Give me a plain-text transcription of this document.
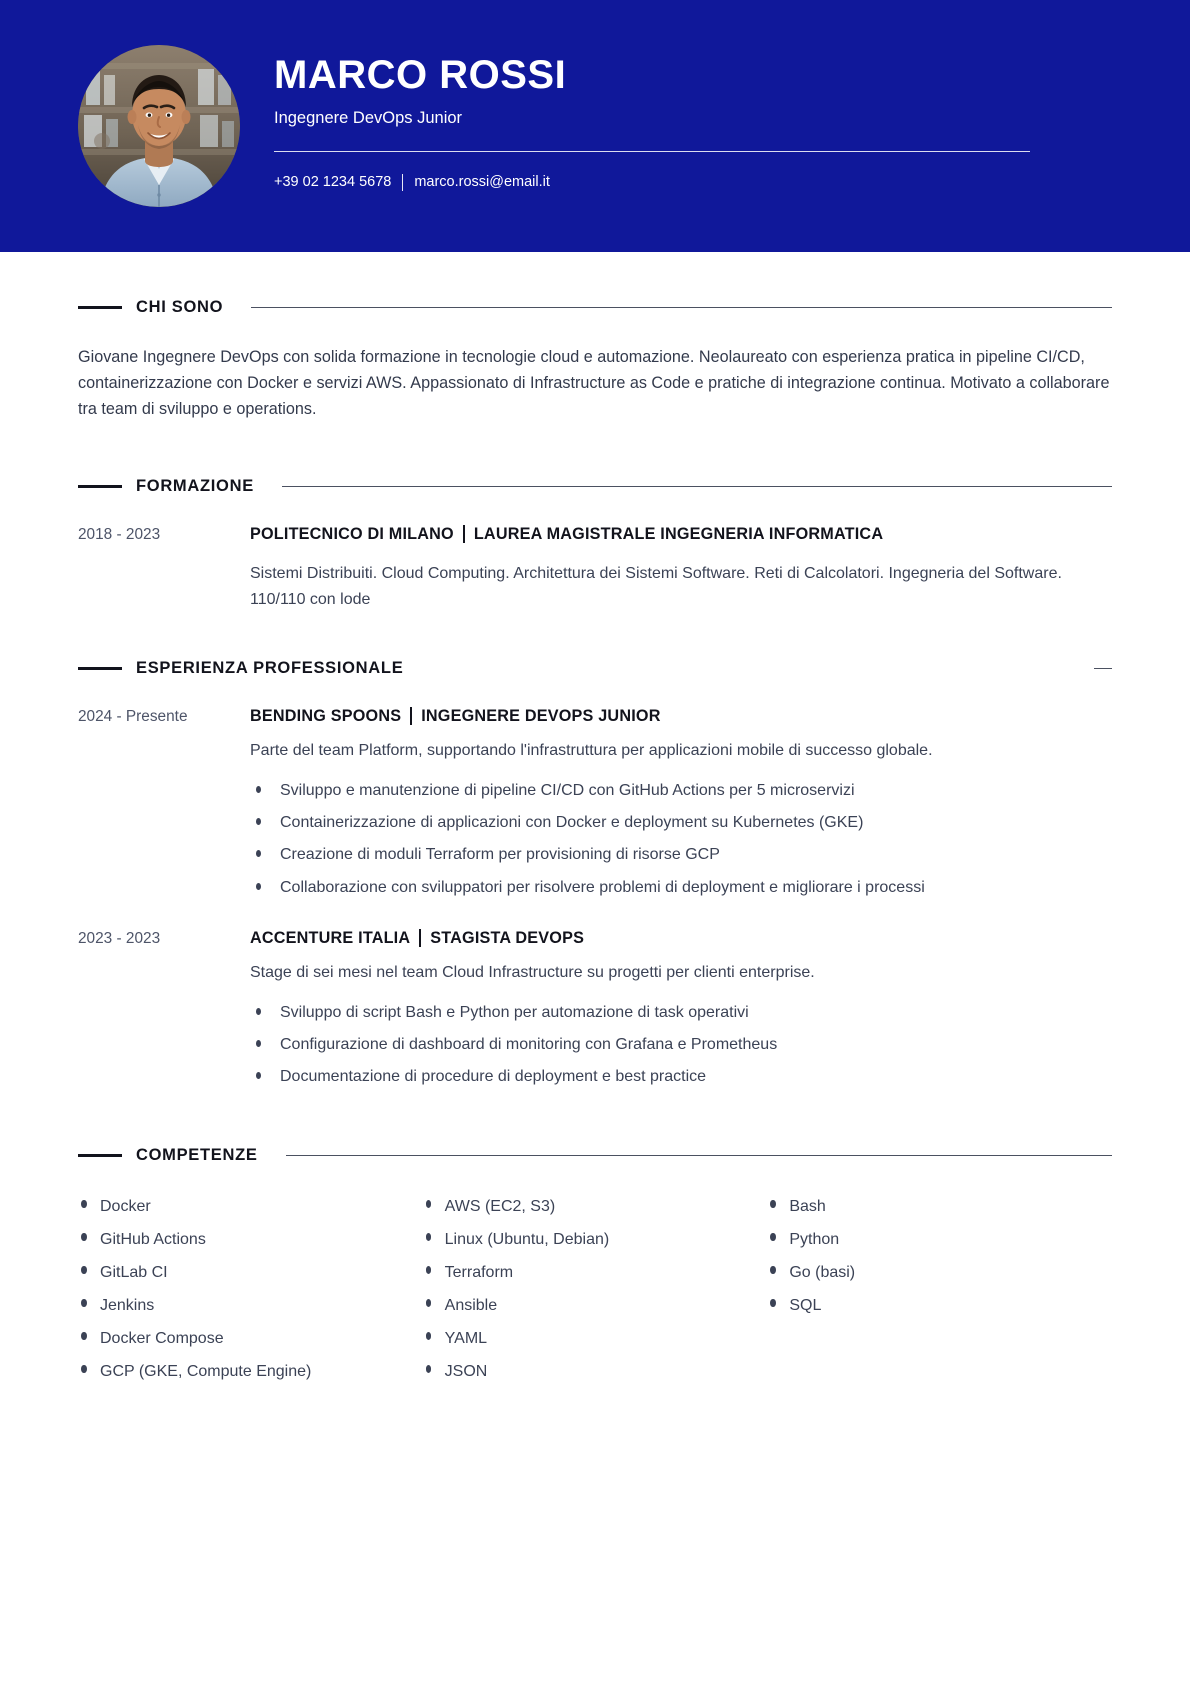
MARCO ROSSI
Ingegnere DevOps Junior
+39 02 1234 5678 marco.rossi@email.it
CHI SONO

Giovane Ingegnere DevOps con solida formazione in tecnologie cloud e automazione. Neolaureato con esperienza pratica in pipeline CI/CD, containerizzazione con Docker e servizi AWS. Appassionato di Infrastructure as Code e pratiche di integrazione continua. Motivato a collaborare tra team di sviluppo e operations.

FORMAZIONE
2018 - 2023	POLITECNICO DI MILANO LAUREA MAGISTRALE INGEGNERIA INFORMATICA
Sistemi Distribuiti. Cloud Computing. Architettura dei Sistemi Software. Reti di Calcolatori. Ingegneria del Software. 110/110 con lode
ESPERIENZA PROFESSIONALE
2024 - Presente	BENDING SPOONS INGEGNERE DEVOPS JUNIOR
Parte del team Platform, supportando l'infrastruttura per applicazioni mobile di successo globale.
Sviluppo e manutenzione di pipeline CI/CD con GitHub Actions per 5 microservizi
Containerizzazione di applicazioni con Docker e deployment su Kubernetes (GKE)
Creazione di moduli Terraform per provisioning di risorse GCP
Collaborazione con sviluppatori per risolvere problemi di deployment e migliorare i processi
2023 - 2023	ACCENTURE ITALIA STAGISTA DEVOPS
Stage di sei mesi nel team Cloud Infrastructure su progetti per clienti enterprise.
Sviluppo di script Bash e Python per automazione di task operativi
Configurazione di dashboard di monitoring con Grafana e Prometheus
Documentazione di procedure di deployment e best practice
COMPETENZE
Docker
GitHub Actions
GitLab CI
Jenkins
Docker Compose
GCP (GKE, Compute Engine)
AWS (EC2, S3)
Linux (Ubuntu, Debian)
Terraform
Ansible
YAML
JSON
Bash
Python
Go (basi)
SQL
